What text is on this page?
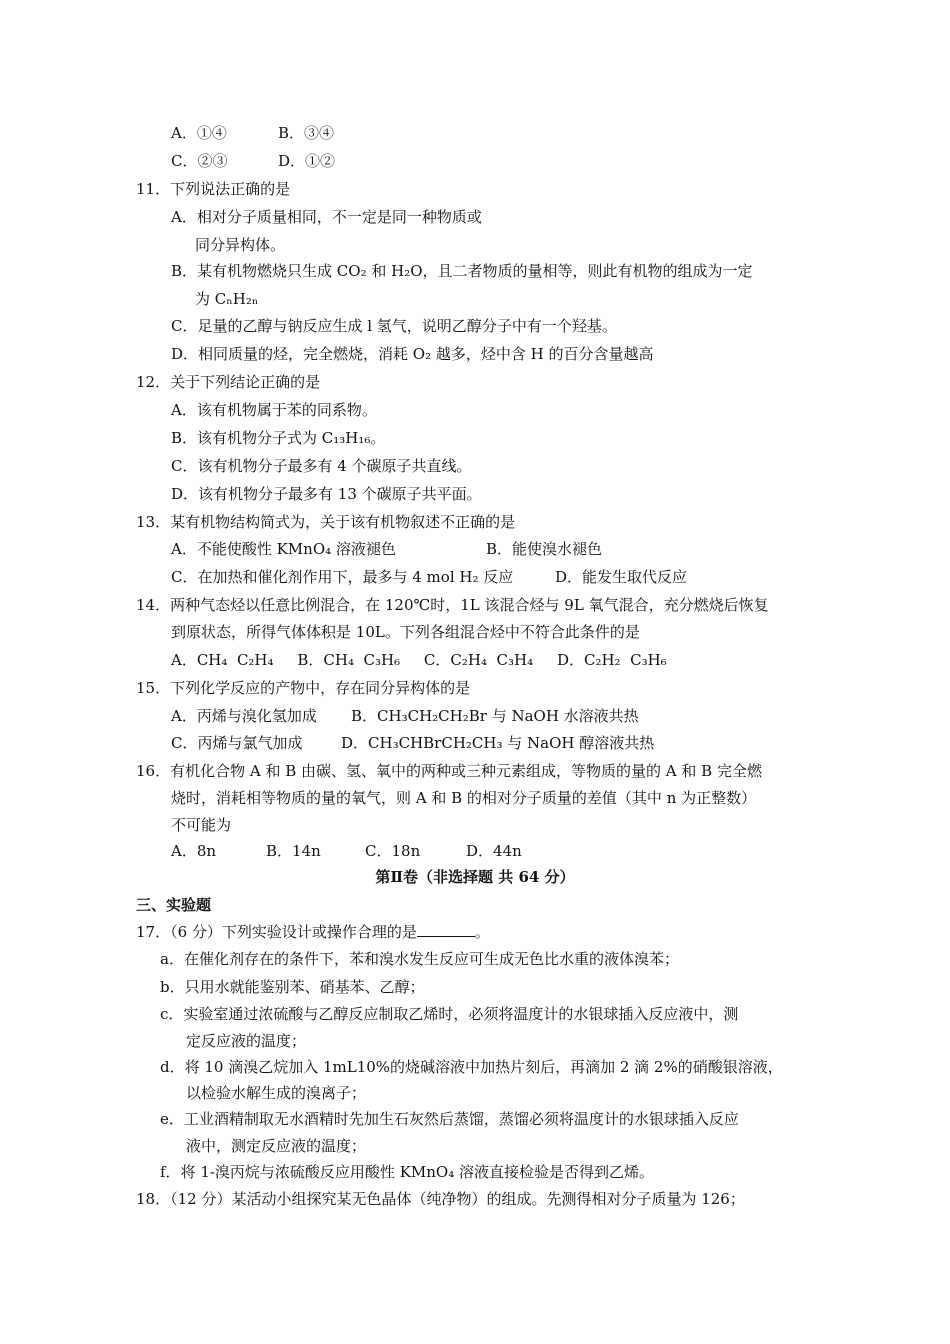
A．①④	B．③④
C．②③	D．①②
11．下列说法正确的是
A．相对分子质量相同，不一定是同一种物质或
同分异构体。
B．某有机物燃烧只生成 CO₂ 和 H₂O，且二者物质的量相等，则此有机物的组成为一定
为 CₙH₂ₙ
C．足量的乙醇与钠反应生成 l 氢气，说明乙醇分子中有一个羟基。
D．相同质量的烃，完全燃烧，消耗 O₂ 越多，烃中含 H 的百分含量越高
12．关于下列结论正确的是
A．该有机物属于苯的同系物。
B．该有机物分子式为 C₁₃H₁₆。
C．该有机物分子最多有 4 个碳原子共直线。
D．该有机物分子最多有 13 个碳原子共平面。
13．某有机物结构简式为，关于该有机物叙述不正确的是
A．不能使酸性 KMnO₄ 溶液褪色	B．能使溴水褪色
C．在加热和催化剂作用下，最多与 4 mol H₂ 反应	D．能发生取代反应
14．两种气态烃以任意比例混合，在 120℃时，1L 该混合烃与 9L 氧气混合，充分燃烧后恢复
到原状态，所得气体体积是 10L。下列各组混合烃中不符合此条件的是
A．CH₄  C₂H₄     B．CH₄  C₃H₆     C．C₂H₄  C₃H₄     D．C₂H₂  C₃H₆
15．下列化学反应的产物中，存在同分异构体的是
A．丙烯与溴化氢加成 B．CH₃CH₂CH₂Br 与 NaOH 水溶液共热
C．丙烯与氯气加成	D．CH₃CHBrCH₂CH₃ 与 NaOH 醇溶液共热
16．有机化合物 A 和 B 由碳、氢、氧中的两种或三种元素组成，等物质的量的 A 和 B 完全燃
烧时，消耗相等物质的量的氧气，则 A 和 B 的相对分子质量的差值（其中 n 为正整数）
不可能为
A．8n	B．14n	C．18n	D．44n
第Ⅱ卷（非选择题 共 64 分）
三、实验题
17．（6 分）下列实验设计或操作合理的是	。
a．在催化剂存在的条件下，苯和溴水发生反应可生成无色比水重的液体溴苯；
b．只用水就能鉴别苯、硝基苯、乙醇；
c．实验室通过浓硫酸与乙醇反应制取乙烯时，必须将温度计的水银球插入反应液中，测
定反应液的温度；
d．将 10 滴溴乙烷加入 1mL10%的烧碱溶液中加热片刻后，再滴加 2 滴 2%的硝酸银溶液，
以检验水解生成的溴离子；
e．工业酒精制取无水酒精时先加生石灰然后蒸馏，蒸馏必须将温度计的水银球插入反应
液中，测定反应液的温度；
f．将 1-溴丙烷与浓硫酸反应用酸性 KMnO₄ 溶液直接检验是否得到乙烯。
18．（12 分）某活动小组探究某无色晶体（纯净物）的组成。先测得相对分子质量为 126；
